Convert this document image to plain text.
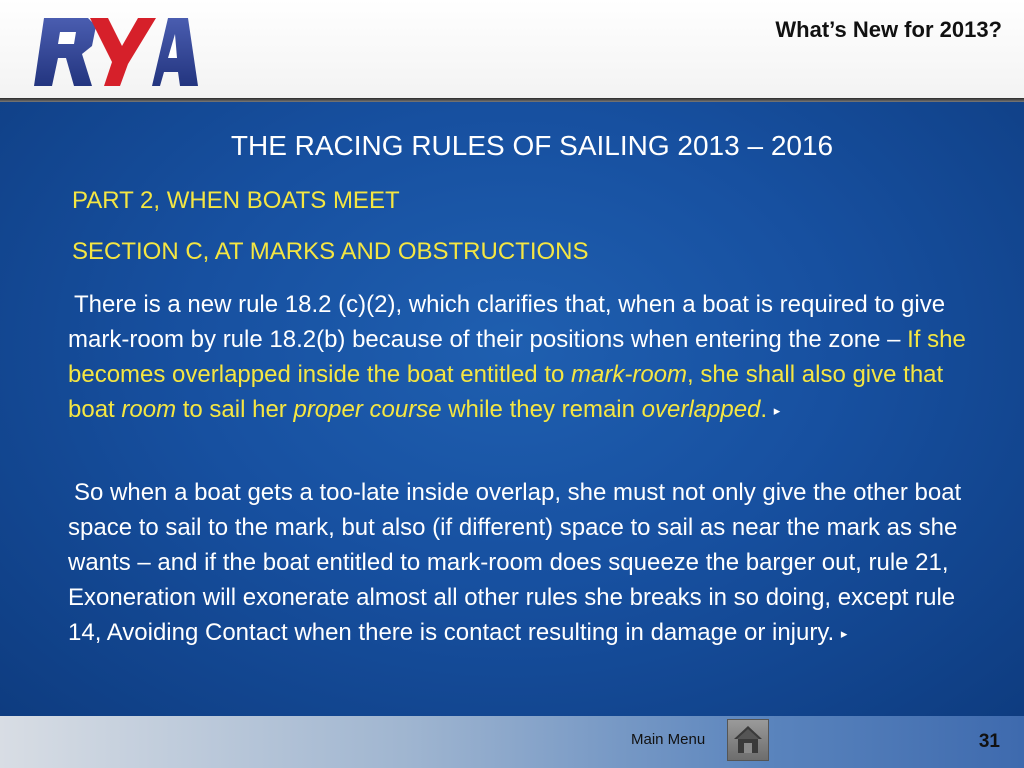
What’s New for 2013?
THE RACING RULES OF SAILING 2013 – 2016
PART 2, WHEN BOATS MEET
SECTION C, AT MARKS AND OBSTRUCTIONS
There is a new rule 18.2 (c)(2), which clarifies that, when a boat is required to give mark-room by rule 18.2(b) because of their positions when entering the zone – If she becomes overlapped inside the boat entitled to mark-room, she shall also give that boat room to sail her proper course while they remain overlapped. ▸
So when a boat gets a too-late inside overlap, she must not only give the other boat space to sail to the mark, but also (if different) space to sail as near the mark as she wants – and if the boat entitled to mark-room does squeeze the barger out, rule 21, Exoneration will exonerate almost all other rules she breaks in so doing, except rule 14, Avoiding Contact when there is contact resulting in damage or injury. ▸
Main Menu	31
